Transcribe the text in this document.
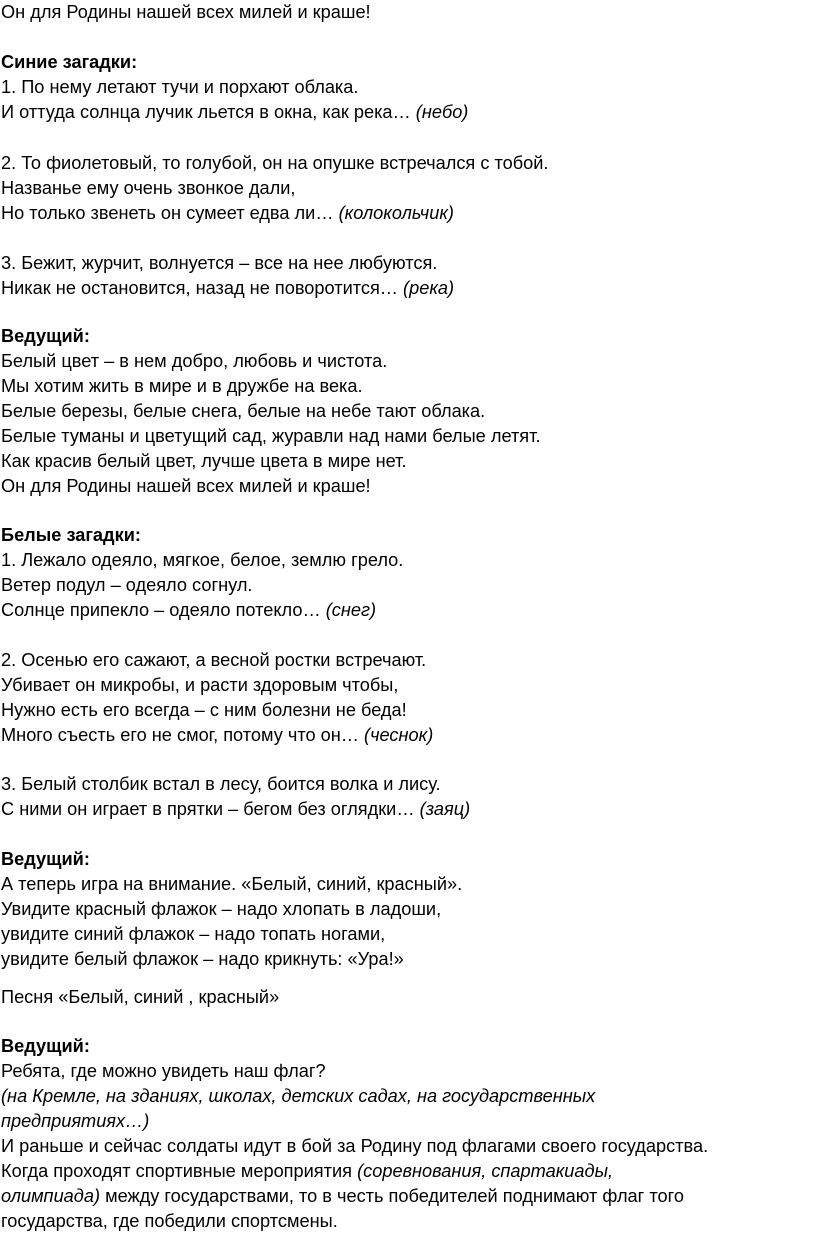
Он для Родины нашей всех милей и краше!

Синие загадки:

1. По нему летают тучи и порхают облака.

И оттуда солнца лучик льется в окна, как река… (небо)

2. То фиолетовый, то голубой, он на опушке встречался с тобой.

Названье ему очень звонкое дали,

Но только звенеть он сумеет едва ли… (колокольчик)

3. Бежит, журчит, волнуется – все на нее любуются.

Никак не остановится, назад не поворотится… (река)

Ведущий:

Белый цвет – в нем добро, любовь и чистота.

Мы хотим жить в мире и в дружбе на века.

Белые березы, белые снега, белые на небе тают облака.

Белые туманы и цветущий сад, журавли над нами белые летят.

Как красив белый цвет, лучше цвета в мире нет.

Он для Родины нашей всех милей и краше!

Белые загадки:

1. Лежало одеяло, мягкое, белое, землю грело.

Ветер подул – одеяло согнул.

Солнце припекло – одеяло потекло… (снег)

2. Осенью его сажают, а весной ростки встречают.

Убивает он микробы, и расти здоровым чтобы,

Нужно есть его всегда – с ним болезни не беда!

Много съесть его не смог, потому что он… (чеснок)

3. Белый столбик встал в лесу, боится волка и лису.

С ними он играет в прятки – бегом без оглядки… (заяц)

Ведущий:

А теперь игра на внимание. «Белый, синий, красный».

Увидите красный флажок – надо хлопать в ладоши,

увидите синий флажок – надо топать ногами,

увидите белый флажок – надо крикнуть: «Ура!»

Песня «Белый, синий , красный»

Ведущий:

Ребята, где можно увидеть наш флаг?

(на Кремле, на зданиях, школах, детских садах, на государственных

предприятиях…)

И раньше и сейчас солдаты идут в бой за Родину под флагами своего государства.

Когда проходят спортивные мероприятия (соревнования, спартакиады,

олимпиада) между государствами, то в честь победителей поднимают флаг того

государства, где победили спортсмены.
